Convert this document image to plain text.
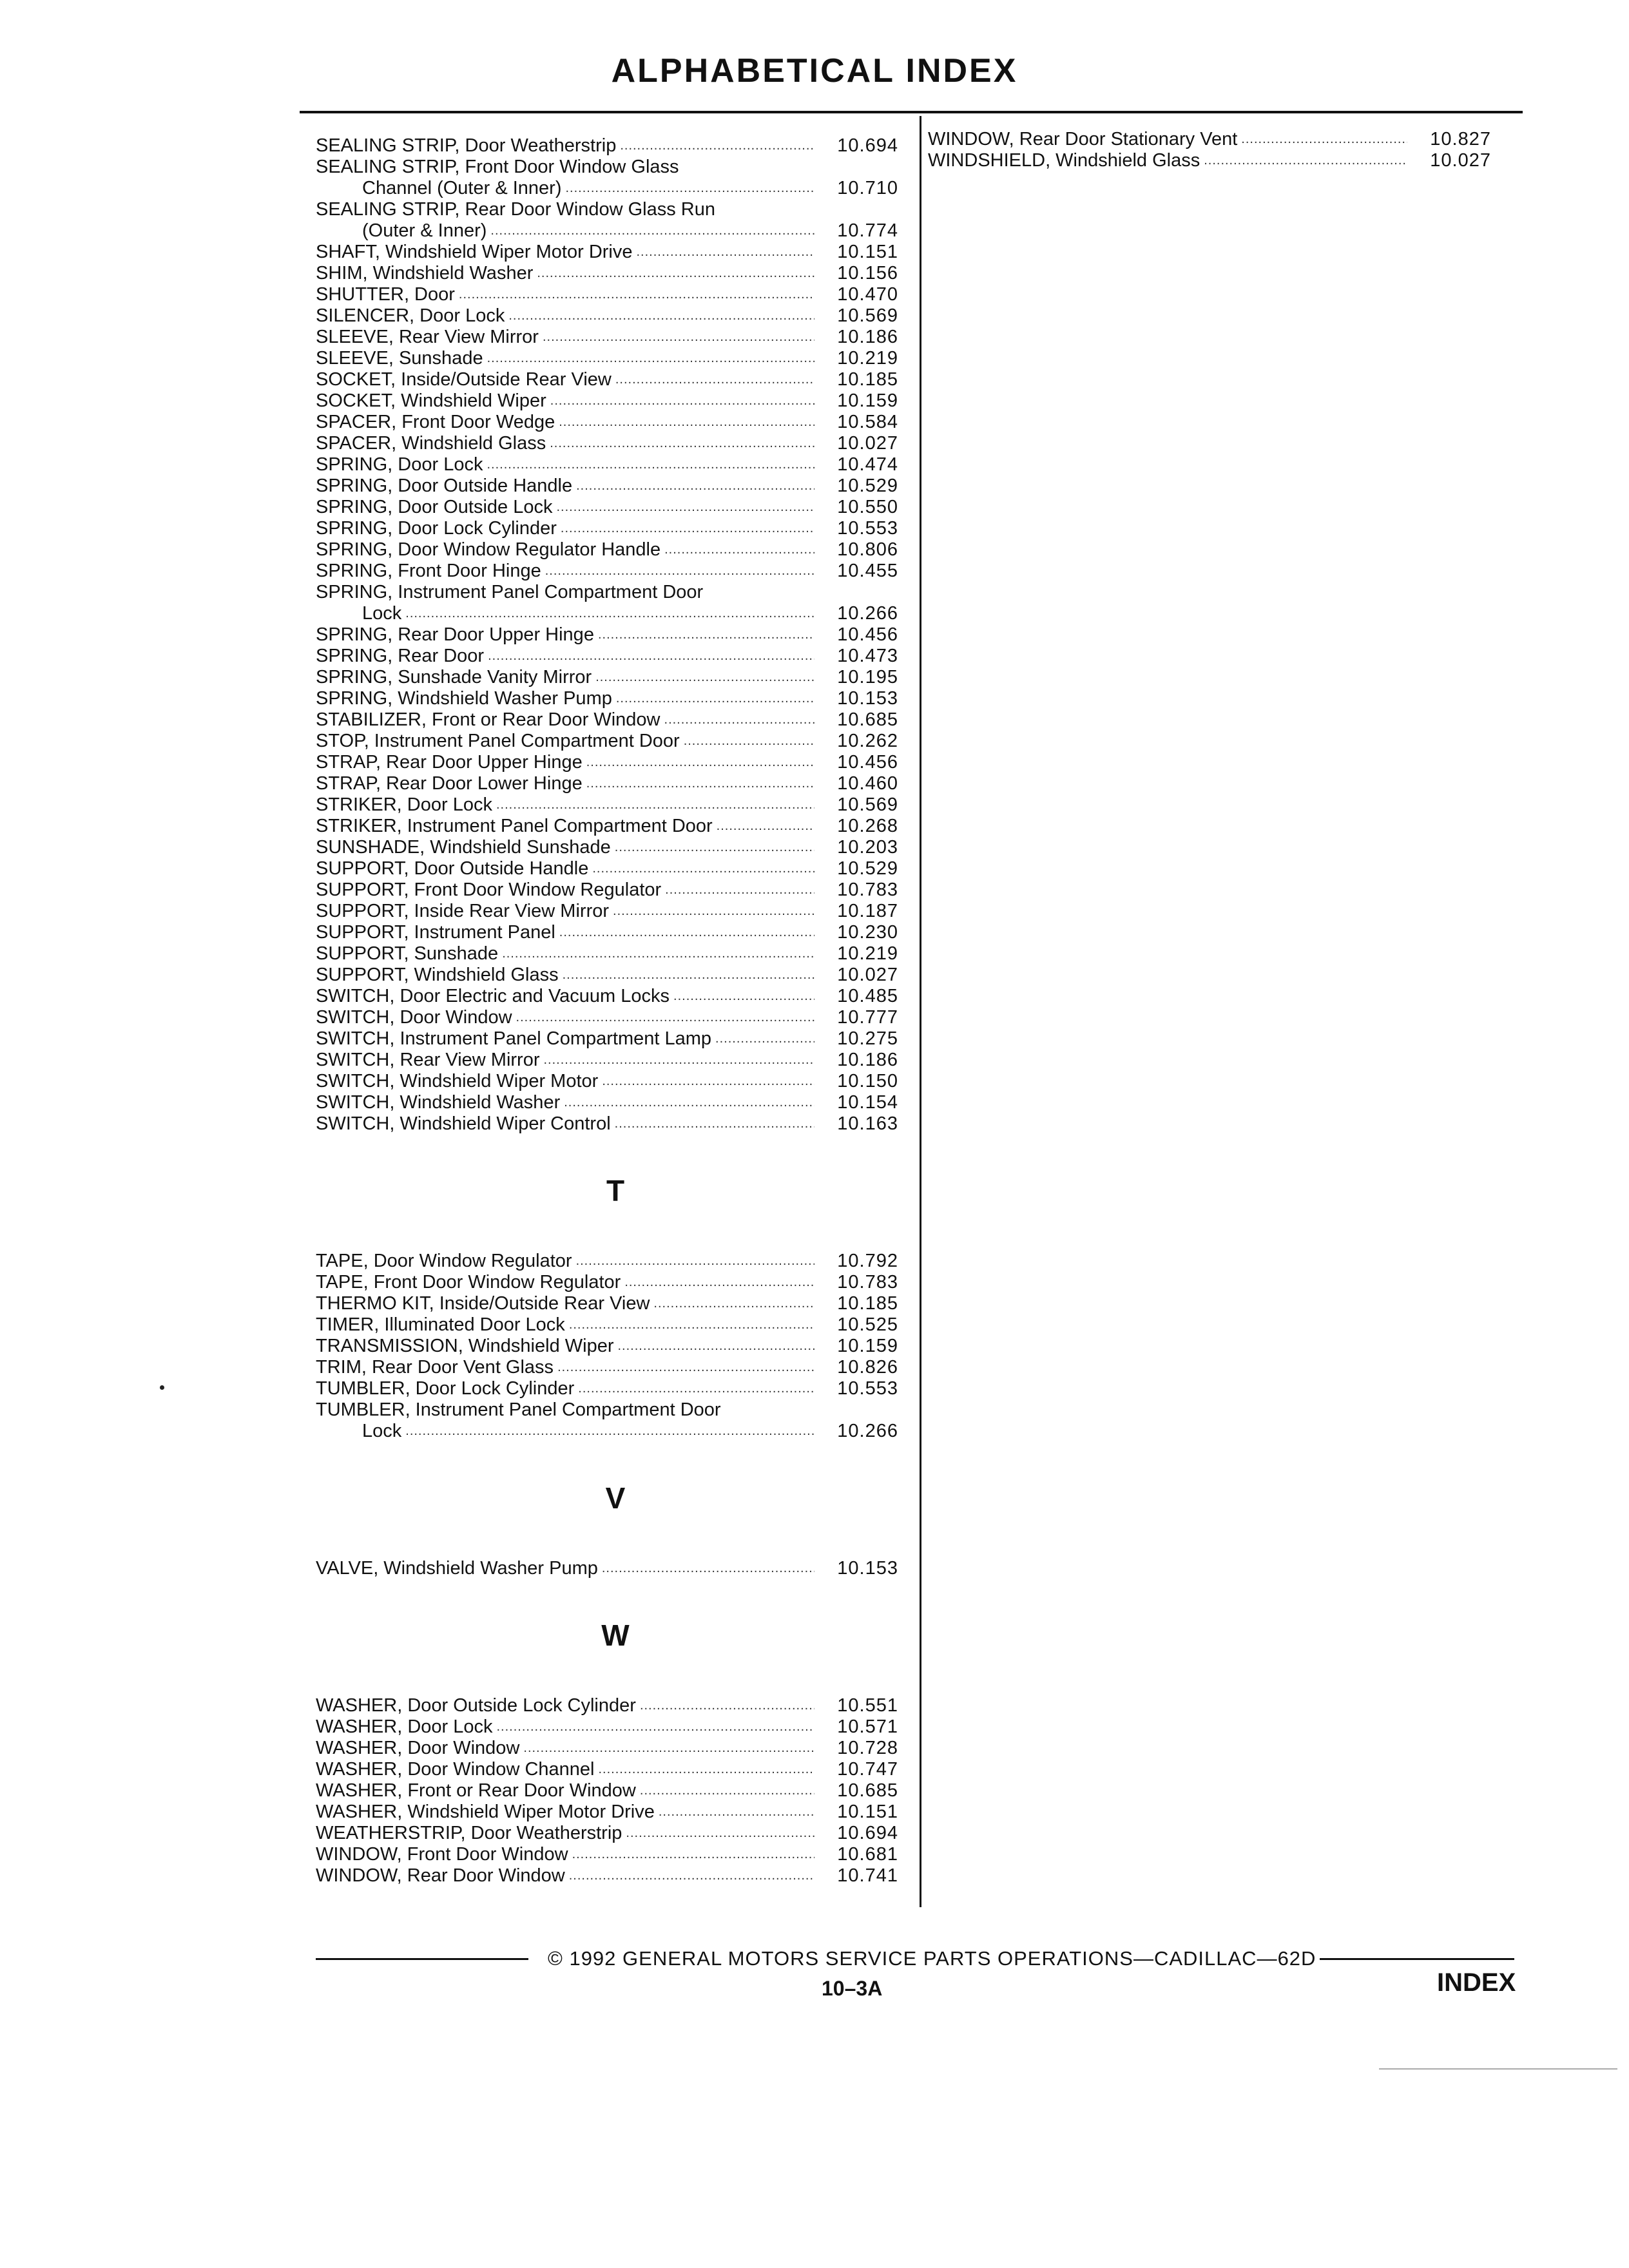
ALPHABETICAL INDEX
SEALING STRIP, Door Weatherstrip .....	10.694
SEALING STRIP, Front Door Window Glass
Channel (Outer & Inner) .....	10.710
SEALING STRIP, Rear Door Window Glass Run
(Outer & Inner) .....	10.774
SHAFT, Windshield Wiper Motor Drive .....	10.151
SHIM, Windshield Washer .....	10.156
SHUTTER, Door .....	10.470
SILENCER, Door Lock .....	10.569
SLEEVE, Rear View Mirror .....	10.186
SLEEVE, Sunshade .....	10.219
SOCKET, Inside/Outside Rear View .....	10.185
SOCKET, Windshield Wiper .....	10.159
SPACER, Front Door Wedge .....	10.584
SPACER, Windshield Glass .....	10.027
SPRING, Door Lock .....	10.474
SPRING, Door Outside Handle .....	10.529
SPRING, Door Outside Lock .....	10.550
SPRING, Door Lock Cylinder .....	10.553
SPRING, Door Window Regulator Handle .....	10.806
SPRING, Front Door Hinge .....	10.455
SPRING, Instrument Panel Compartment Door
Lock .....	10.266
SPRING, Rear Door Upper Hinge .....	10.456
SPRING, Rear Door .....	10.473
SPRING, Sunshade Vanity Mirror .....	10.195
SPRING, Windshield Washer Pump .....	10.153
STABILIZER, Front or Rear Door Window .....	10.685
STOP, Instrument Panel Compartment Door .....	10.262
STRAP, Rear Door Upper Hinge .....	10.456
STRAP, Rear Door Lower Hinge .....	10.460
STRIKER, Door Lock .....	10.569
STRIKER, Instrument Panel Compartment Door .....	10.268
SUNSHADE, Windshield Sunshade .....	10.203
SUPPORT, Door Outside Handle .....	10.529
SUPPORT, Front Door Window Regulator .....	10.783
SUPPORT, Inside Rear View Mirror .....	10.187
SUPPORT, Instrument Panel .....	10.230
SUPPORT, Sunshade .....	10.219
SUPPORT, Windshield Glass .....	10.027
SWITCH, Door Electric and Vacuum Locks .....	10.485
SWITCH, Door Window .....	10.777
SWITCH, Instrument Panel Compartment Lamp .....	10.275
SWITCH, Rear View Mirror .....	10.186
SWITCH, Windshield Wiper Motor .....	10.150
SWITCH, Windshield Washer .....	10.154
SWITCH, Windshield Wiper Control .....	10.163
T
TAPE, Door Window Regulator .....	10.792
TAPE, Front Door Window Regulator .....	10.783
THERMO KIT, Inside/Outside Rear View .....	10.185
TIMER, Illuminated Door Lock .....	10.525
TRANSMISSION, Windshield Wiper .....	10.159
TRIM, Rear Door Vent Glass .....	10.826
TUMBLER, Door Lock Cylinder .....	10.553
TUMBLER, Instrument Panel Compartment Door
Lock .....	10.266
V
VALVE, Windshield Washer Pump .....	10.153
W
WASHER, Door Outside Lock Cylinder .....	10.551
WASHER, Door Lock .....	10.571
WASHER, Door Window .....	10.728
WASHER, Door Window Channel .....	10.747
WASHER, Front or Rear Door Window .....	10.685
WASHER, Windshield Wiper Motor Drive .....	10.151
WEATHERSTRIP, Door Weatherstrip .....	10.694
WINDOW, Front Door Window .....	10.681
WINDOW, Rear Door Window .....	10.741
WINDOW, Rear Door Stationary Vent .....	10.827
WINDSHIELD, Windshield Glass .....	10.027
© 1992 GENERAL MOTORS SERVICE PARTS OPERATIONS—CADILLAC—62D
10–3A	INDEX
